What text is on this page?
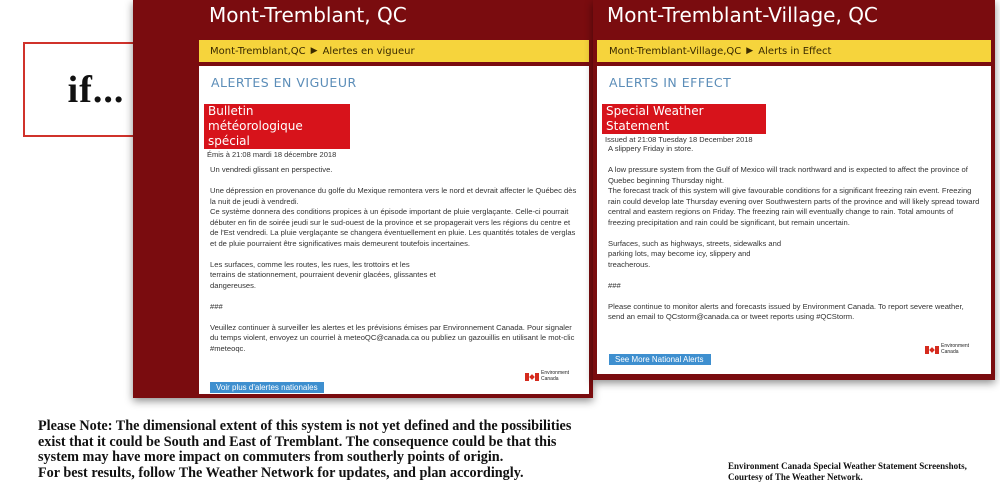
if...
Mont-Tremblant, QC
Mont-Tremblant,QC ▶ Alertes en vigueur
ALERTES EN VIGUEUR
Bulletin météorologique
spécial
Émis à 21:08 mardi 18 décembre 2018

Un vendredi glissant en perspective.

Une dépression en provenance du golfe du Mexique remontera vers le nord et devrait affecter le Québec dès la nuit de jeudi à vendredi.
Ce système donnera des conditions propices à un épisode important de pluie verglaçante. Celle-ci pourrait débuter en fin de soirée jeudi sur le sud-ouest de la province et se propagerait vers les régions du centre et de l'Est vendredi. La pluie verglaçante se changera éventuellement en pluie. Les quantités totales de verglas et de pluie pourraient être significatives mais demeurent toutefois incertaines.

Les surfaces, comme les routes, les rues, les trottoirs et les
terrains de stationnement, pourraient devenir glacées, glissantes et
dangereuses.

###

Veuillez continuer à surveiller les alertes et les prévisions émises par Environnement Canada. Pour signaler du temps violent, envoyez un courriel à meteoQC@canada.ca ou publiez un gazouillis en utilisant le mot-clic #meteoqc.

Voir plus d'alertes nationales
Environment
Canada
Mont-Tremblant-Village, QC
Mont-Tremblant-Village,QC ▶ Alerts in Effect
ALERTS IN EFFECT
Special Weather Statement
Issued at 21:08 Tuesday 18 December 2018

A slippery Friday in store.

A low pressure system from the Gulf of Mexico will track northward and is expected to affect the province of Quebec beginning Thursday night.
The forecast track of this system will give favourable conditions for a significant freezing rain event. Freezing rain could develop late Thursday evening over Southwestern parts of the province and will likely spread toward central and eastern regions on Friday. The freezing rain will eventually change to rain. Total amounts of freezing precipitation and rain could be significant, but remain uncertain.

Surfaces, such as highways, streets, sidewalks and
parking lots, may become icy, slippery and
treacherous.

###

Please continue to monitor alerts and forecasts issued by Environment Canada. To report severe weather, send an email to QCstorm@canada.ca or tweet reports using #QCStorm.

See More National Alerts
Environment
Canada
Please Note: The dimensional extent of this system is not yet defined and the possibilities exist that it could be South and East of Tremblant. The consequence could be that this system may have more impact on commuters from southerly points of origin.
For best results, follow The Weather Network for updates, and plan accordingly.	Environment Canada Special Weather Statement Screenshots,
Courtesy of The Weather Network.
